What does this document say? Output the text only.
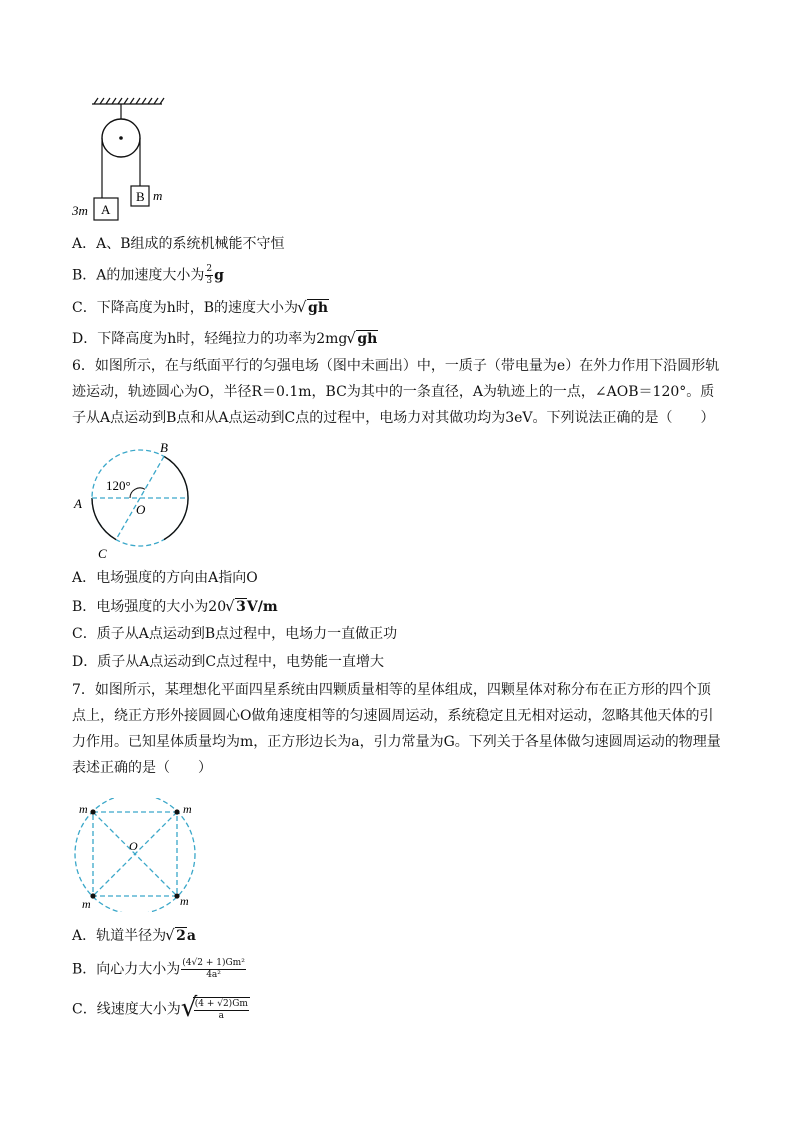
3m A
B m
A．A、B组成的系统机械能不守恒
B．A的加速度大小为 $\frac{2}{3}$ g
C．下降高度为h时，B的速度大小为 √ gh
D．下降高度为h时，轻绳拉力的功率为2mg √ gh
6．如图所示，在与纸面平行的匀强电场（图中未画出）中，一质子（带电量为e）在外力作用下沿圆形轨
迹运动，轨迹圆心为O，半径R＝0.1m，BC为其中的一条直径，A为轨迹上的一点，∠AOB＝120°。质
子从A点运动到B点和从A点运动到C点的过程中，电场力对其做功均为3eV。下列说法正确的是（　　）
120°
A
B
C
O
A．电场强度的方向由A指向O
B．电场强度的大小为20 √ 3V/m
C．质子从A点运动到B点过程中，电场力一直做正功
D．质子从A点运动到C点过程中，电势能一直增大
7．如图所示，某理想化平面四星系统由四颗质量相等的星体组成，四颗星体对称分布在正方形的四个顶
点上，绕正方形外接圆圆心O做角速度相等的匀速圆周运动，系统稳定且无相对运动，忽略其他天体的引
力作用。已知星体质量均为m，正方形边长为a，引力常量为G。下列关于各星体做匀速圆周运动的物理量
表述正确的是（　　）
m	m
m	m
O
A．轨道半径为 √ 2a
B．向心力大小为 $\frac{\text{(4√2 + 1)Gm²}}{\text{4a²}}$
C．线速度大小为 √ $\frac{(4 + √2)Gm}{a}$
